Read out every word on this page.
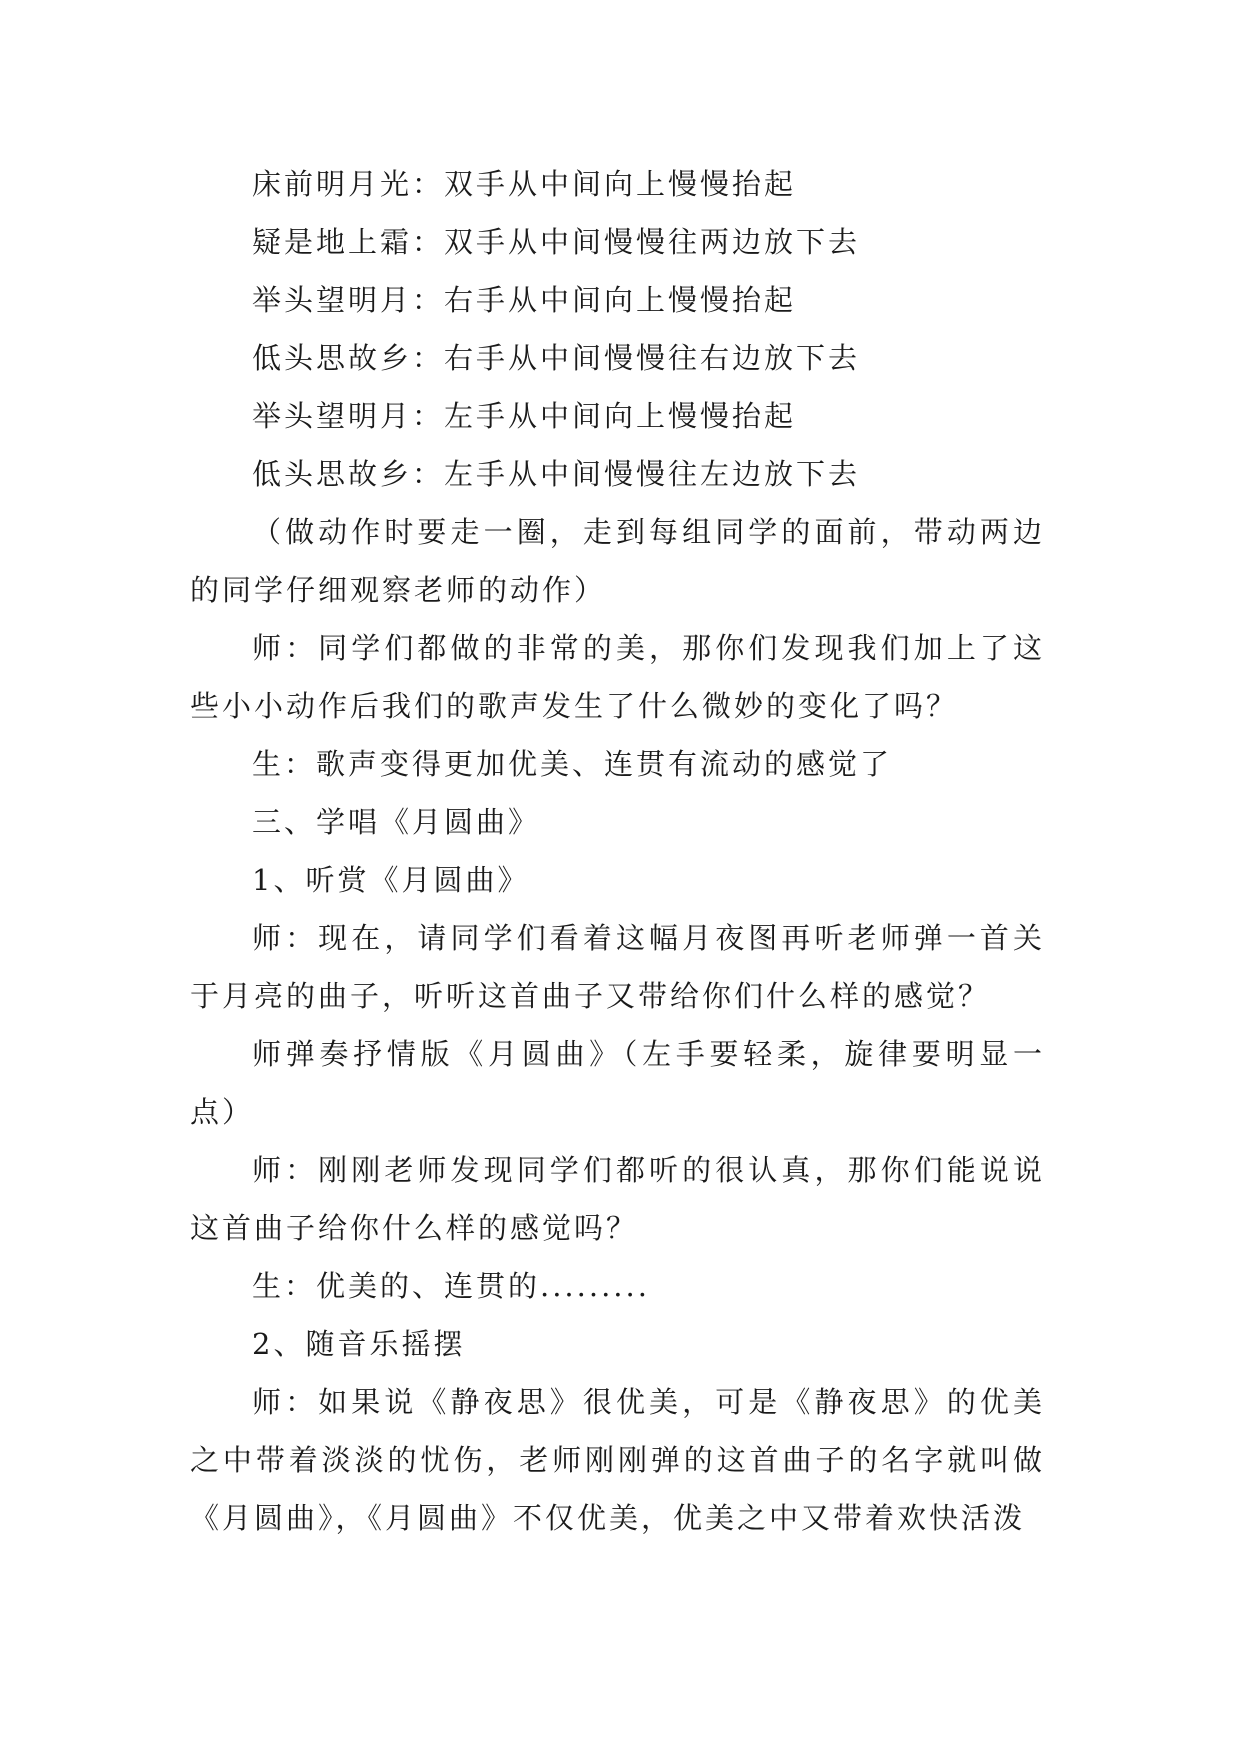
床前明月光：双手从中间向上慢慢抬起

疑是地上霜：双手从中间慢慢往两边放下去

举头望明月：右手从中间向上慢慢抬起

低头思故乡：右手从中间慢慢往右边放下去

举头望明月：左手从中间向上慢慢抬起

低头思故乡：左手从中间慢慢往左边放下去

（做动作时要走一圈，走到每组同学的面前，带动两边的同学仔细观察老师的动作）

师：同学们都做的非常的美，那你们发现我们加上了这些小小动作后我们的歌声发生了什么微妙的变化了吗？

生：歌声变得更加优美、连贯有流动的感觉了

三、学唱《月圆曲》

1、听赏《月圆曲》

师：现在，请同学们看着这幅月夜图再听老师弹一首关于月亮的曲子，听听这首曲子又带给你们什么样的感觉？

师弹奏抒情版《月圆曲》（左手要轻柔，旋律要明显一点）

师：刚刚老师发现同学们都听的很认真，那你们能说说这首曲子给你什么样的感觉吗？

生：优美的、连贯的.........

2、随音乐摇摆

师：如果说《静夜思》很优美，可是《静夜思》的优美之中带着淡淡的忧伤，老师刚刚弹的这首曲子的名字就叫做《月圆曲》，《月圆曲》不仅优美，优美之中又带着欢快活泼
